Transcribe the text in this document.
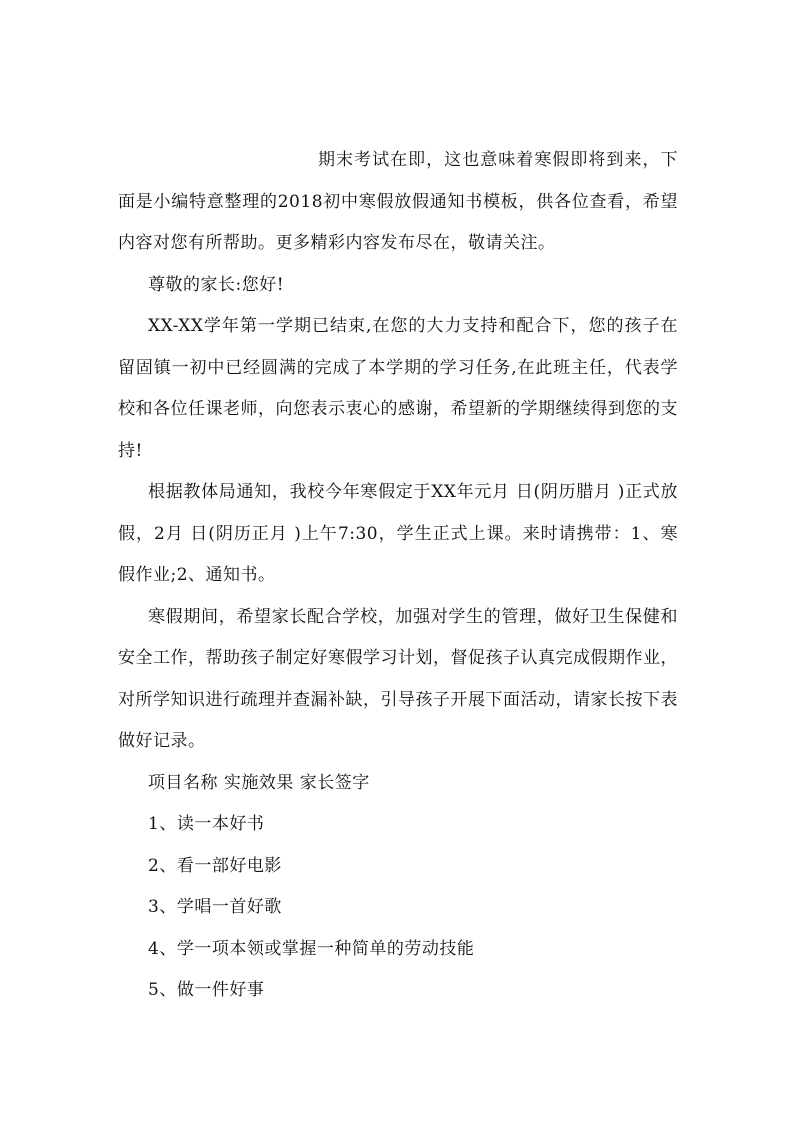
期末考试在即，这也意味着寒假即将到来，下面是小编特意整理的2018初中寒假放假通知书模板，供各位查看，希望内容对您有所帮助。更多精彩内容发布尽在，敬请关注。

尊敬的家长:您好!

XX-XX学年第一学期已结束,在您的大力支持和配合下，您的孩子在留固镇一初中已经圆满的完成了本学期的学习任务,在此班主任，代表学校和各位任课老师，向您表示衷心的感谢，希望新的学期继续得到您的支持!

根据教体局通知，我校今年寒假定于XX年元月 日(阴历腊月 )正式放假，2月 日(阴历正月 )上午7:30，学生正式上课。来时请携带：1、寒假作业;2、通知书。

寒假期间，希望家长配合学校，加强对学生的管理，做好卫生保健和安全工作，帮助孩子制定好寒假学习计划，督促孩子认真完成假期作业，对所学知识进行疏理并查漏补缺，引导孩子开展下面活动，请家长按下表做好记录。

项目名称 实施效果 家长签字

1、读一本好书

2、看一部好电影

3、学唱一首好歌

4、学一项本领或掌握一种简单的劳动技能

5、做一件好事
